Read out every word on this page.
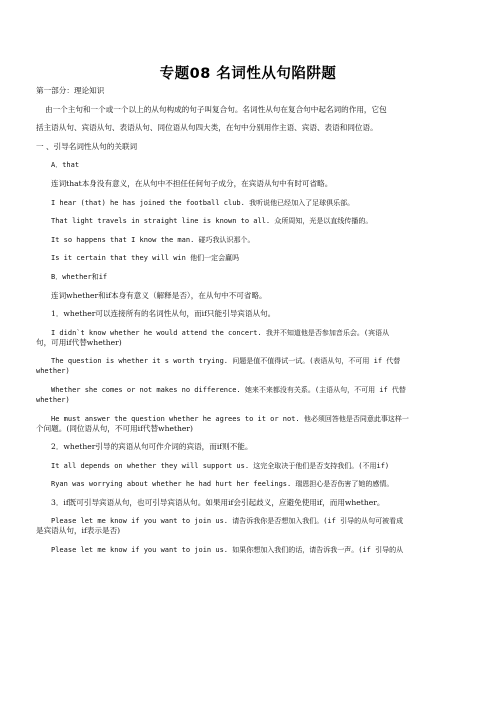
专题08 名词性从句陷阱题
第一部分：理论知识
由一个主句和一个或一个以上的从句构成的句子叫复合句。名词性从句在复合句中起名词的作用，它包
括主语从句、宾语从句、表语从句、同位语从句四大类，在句中分别用作主语、宾语、表语和同位语。
一 、引导名词性从句的关联词
A．that
连词that本身没有意义，在从句中不担任任何句子成分，在宾语从句中有时可省略。
I hear (that) he has joined the football club. 我听说他已经加入了足球俱乐部。
That light travels in straight line is known to all. 众所周知，光是以直线传播的。
It so happens that I know the man. 碰巧我认识那个。
Is it certain that they will win 他们一定会赢吗
B．whether和if
连词whether和if本身有意义（解释是否），在从句中不可省略。
1．whether可以连接所有的名词性从句，而if只能引导宾语从句。
I didn`t know whether he would attend the concert. 我并不知道他是否参加音乐会。(宾语从
句，可用if代替whether)
The question is whether it s worth trying. 问题是值不值得试一试。(表语从句，不可用 if 代替
whether)
Whether she comes or not makes no difference. 她来不来都没有关系。(主语从句，不可用 if 代替
whether)
He must answer the question whether he agrees to it or not. 他必须回答他是否同意此事这样一
个问题。(同位语从句，不可用if代替whether)
2．whether引导的宾语从句可作介词的宾语，而if则不能。
It all depends on whether they will support us. 这完全取决于他们是否支持我们。(不用if)
Ryan was worrying about whether he had hurt her feelings. 瑞恩担心是否伤害了她的感情。
3．if既可引导宾语从句，也可引导宾语从句。如果用if会引起歧义，应避免使用if，而用whether。
Please let me know if you want to join us. 请告诉我你是否想加入我们。(if 引导的从句可被看成
是宾语从句，if表示是否)
Please let me know if you want to join us. 如果你想加入我们的话，请告诉我一声。(if 引导的从
